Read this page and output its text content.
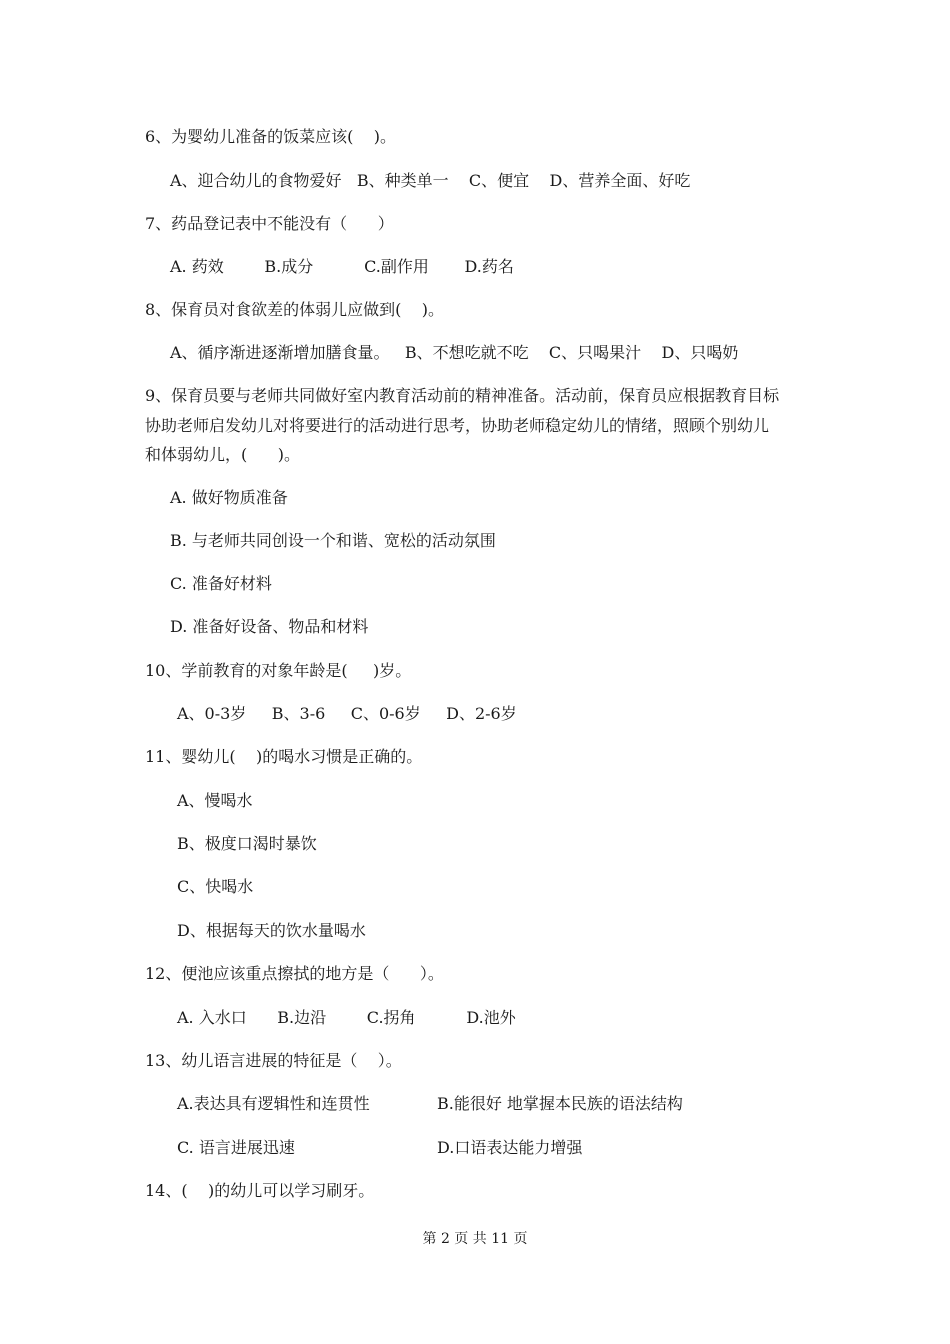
6、为婴幼儿准备的饭菜应该(    )。
A、迎合幼儿的食物爱好   B、种类单一    C、便宜    D、营养全面、好吃
7、药品登记表中不能没有（      ）
A. 药效        B.成分          C.副作用       D.药名
8、保育员对食欲差的体弱儿应做到(    )。
A、循序渐进逐渐增加膳食量。   B、不想吃就不吃    C、只喝果汁    D、只喝奶
9、保育员要与老师共同做好室内教育活动前的精神准备。活动前，保育员应根据教育目标
协助老师启发幼儿对将要进行的活动进行思考，协助老师稳定幼儿的情绪，照顾个别幼儿
和体弱幼儿，(      )。
A. 做好物质准备
B. 与老师共同创设一个和谐、宽松的活动氛围
C. 准备好材料
D. 准备好设备、物品和材料
10、学前教育的对象年龄是(     )岁。
A、0-3岁     B、3-6     C、0-6岁     D、2-6岁
11、婴幼儿(    )的喝水习惯是正确的。
A、慢喝水
B、极度口渴时暴饮
C、快喝水
D、根据每天的饮水量喝水
12、便池应该重点擦拭的地方是（      ）。
A. 入水口      B.边沿        C.拐角          D.池外
13、幼儿语言进展的特征是（    ）。
A.表达具有逻辑性和连贯性	B.能很好 地掌握本民族的语法结构
C. 语言进展迅速	D.口语表达能力增强
14、(    )的幼儿可以学习刷牙。
第 2 页 共 11 页
